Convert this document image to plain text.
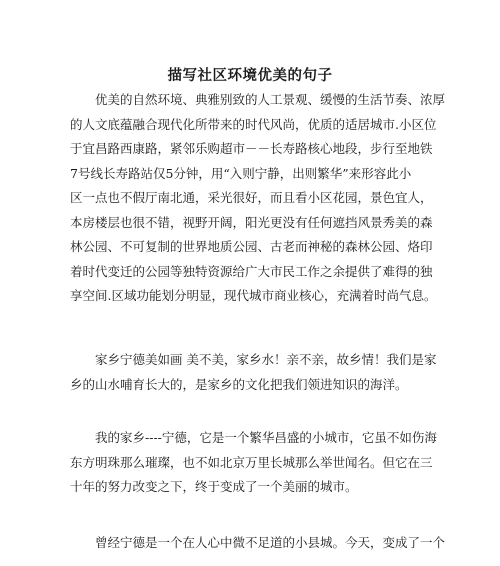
描写社区环境优美的句子
　　优美的自然环境、典雅别致的人工景观、缓慢的生活节奏、浓厚
的人文底蕴融合现代化所带来的时代风尚，优质的适居城市.小区位
于宜昌路西康路，紧邻乐购超市－－长寿路核心地段，步行至地铁
7号线长寿路站仅5分钟，用“入则宁静，出则繁华”来形容此小
区一点也不假厅南北通，采光很好，而且看小区花园，景色宜人，
本房楼层也很不错，视野开阔，阳光更没有任何遮挡风景秀美的森
林公园、不可复制的世界地质公园、古老而神秘的森林公园、烙印
着时代变迁的公园等独特资源给广大市民工作之余提供了难得的独
享空间.区域功能划分明显，现代城市商业核心，充满着时尚气息。
　　家乡宁德美如画 美不美，家乡水！亲不亲，故乡情！我们是家
乡的山水哺育长大的，是家乡的文化把我们领进知识的海洋。
　　我的家乡----宁德，它是一个繁华昌盛的小城市，它虽不如伤海
东方明珠那么璀璨，也不如北京万里长城那么举世闻名。但它在三
十年的努力改变之下，终于变成了一个美丽的城市。
　　曾经宁德是一个在人心中微不足道的小县城。今天，变成了一个
